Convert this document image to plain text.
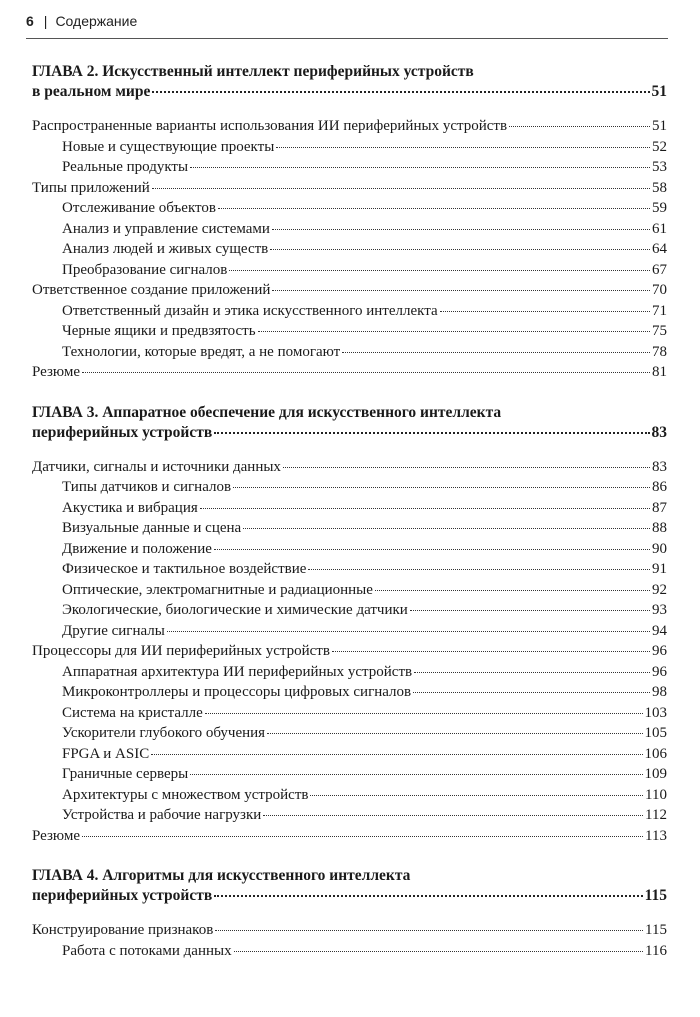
6 | Содержание
ГЛАВА 2. Искусственный интеллект периферийных устройств
в реальном мире	51
Распространенные варианты использования ИИ периферийных устройств	51
Новые и существующие проекты	52
Реальные продукты	53
Типы приложений	58
Отслеживание объектов	59
Анализ и управление системами	61
Анализ людей и живых существ	64
Преобразование сигналов	67
Ответственное создание приложений	70
Ответственный дизайн и этика искусственного интеллекта	71
Черные ящики и предвзятость	75
Технологии, которые вредят, а не помогают	78
Резюме	81
ГЛАВА 3. Аппаратное обеспечение для искусственного интеллекта
периферийных устройств	83
Датчики, сигналы и источники данных	83
Типы датчиков и сигналов	86
Акустика и вибрация	87
Визуальные данные и сцена	88
Движение и положение	90
Физическое и тактильное воздействие	91
Оптические, электромагнитные и радиационные	92
Экологические, биологические и химические датчики	93
Другие сигналы	94
Процессоры для ИИ периферийных устройств	96
Аппаратная архитектура ИИ периферийных устройств	96
Микроконтроллеры и процессоры цифровых сигналов	98
Система на кристалле	103
Ускорители глубокого обучения	105
FPGA и ASIC	106
Граничные серверы	109
Архитектуры с множеством устройств	110
Устройства и рабочие нагрузки	112
Резюме	113
ГЛАВА 4. Алгоритмы для искусственного интеллекта
периферийных устройств	115
Конструирование признаков	115
Работа с потоками данных	116
